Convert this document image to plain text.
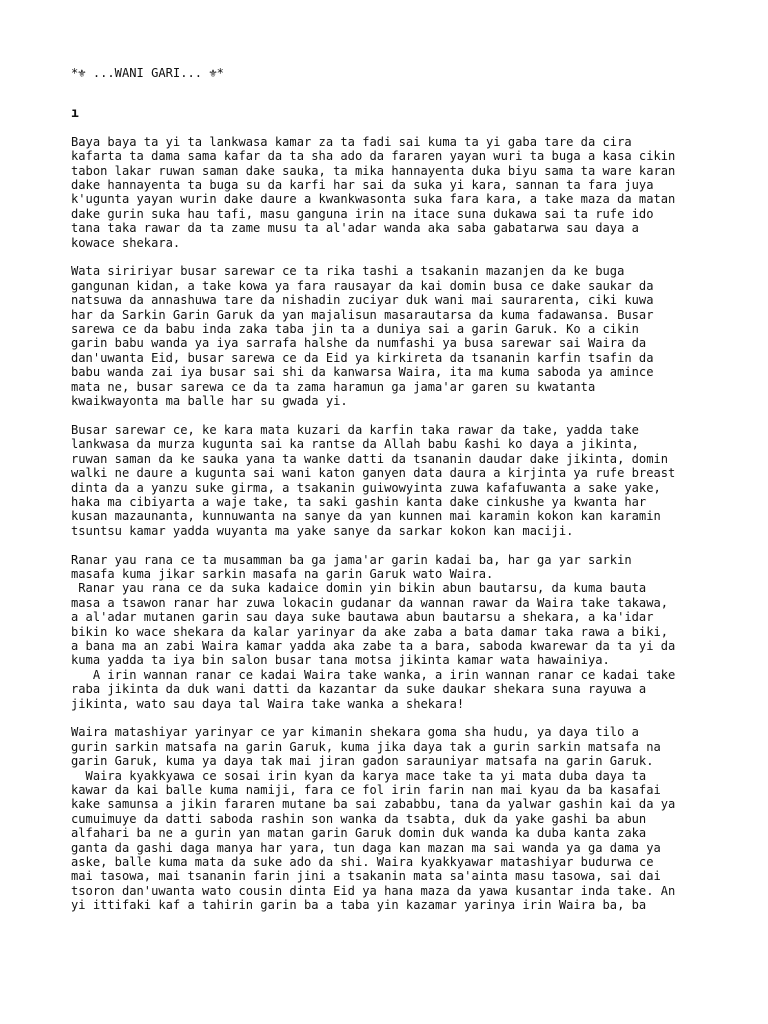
*⚜ ...WANI GARI... ⚜*
ı
Baya baya ta yi ta lankwasa kamar za ta fadi sai kuma ta yi gaba tare da cira
kafarta ta dama sama kafar da ta sha ado da fararen yayan wuri ta buga a kasa cikin
tabon lakar ruwan saman dake sauka, ta mika hannayenta duka biyu sama ta ware karan
dake hannayenta ta buga su da karfi har sai da suka yi kara, sannan ta fara juya
k'ugunta yayan wurin dake daure a kwankwasonta suka fara kara, a take maza da matan
dake gurin suka hau tafi, masu ganguna irin na itace suna dukawa sai ta rufe ido
tana taka rawar da ta zame musu ta al'adar wanda aka saba gabatarwa sau daya a
kowace shekara.
Wata siririyar busar sarewar ce ta rika tashi a tsakanin mazanjen da ke buga
gangunan kidan, a take kowa ya fara rausayar da kai domin busa ce dake saukar da
natsuwa da annashuwa tare da nishadin zuciyar duk wani mai saurarenta, ciki kuwa
har da Sarkin Garin Garuk da yan majalisun masarautarsa da kuma fadawansa. Busar
sarewa ce da babu inda zaka taba jin ta a duniya sai a garin Garuk. Ko a cikin
garin babu wanda ya iya sarrafa halshe da numfashi ya busa sarewar sai Waira da
dan'uwanta Eid, busar sarewa ce da Eid ya kirkireta da tsananin karfin tsafin da
babu wanda zai iya busar sai shi da kanwarsa Waira, ita ma kuma saboda ya amince
mata ne, busar sarewa ce da ta zama haramun ga jama'ar garen su kwatanta
kwaikwayonta ma balle har su gwada yi.
Busar sarewar ce, ke kara mata kuzari da karfin taka rawar da take, yadda take
lankwasa da murza kugunta sai ka rantse da Allah babu ƙashi ko daya a jikinta,
ruwan saman da ke sauka yana ta wanke datti da tsananin daudar dake jikinta, domin
walki ne daure a kugunta sai wani katon ganyen data daura a kirjinta ya rufe breast
dinta da a yanzu suke girma, a tsakanin guiwowyinta zuwa kafafuwanta a sake yake,
haka ma cibiyarta a waje take, ta saki gashin kanta dake cinkushe ya kwanta har
kusan mazaunanta, kunnuwanta na sanye da yan kunnen mai karamin kokon kan karamin
tsuntsu kamar yadda wuyanta ma yake sanye da sarkar kokon kan maciji.
Ranar yau rana ce ta musamman ba ga jama'ar garin kadai ba, har ga yar sarkin
masafa kuma jikar sarkin masafa na garin Garuk wato Waira.
Ranar yau rana ce da suka kadaice domin yin bikin abun bautarsu, da kuma bauta
masa a tsawon ranar har zuwa lokacin gudanar da wannan rawar da Waira take takawa,
a al'adar mutanen garin sau daya suke bautawa abun bautarsu a shekara, a ka'idar
bikin ko wace shekara da kalar yarinyar da ake zaba a bata damar taka rawa a biki,
a bana ma an zabi Waira kamar yadda aka zabe ta a bara, saboda kwarewar da ta yi da
kuma yadda ta iya bin salon busar tana motsa jikinta kamar wata hawainiya.
A irin wannan ranar ce kadai Waira take wanka, a irin wannan ranar ce kadai take
raba jikinta da duk wani datti da kazantar da suke daukar shekara suna rayuwa a
jikinta, wato sau daya tal Waira take wanka a shekara!
Waira matashiyar yarinyar ce yar kimanin shekara goma sha hudu, ya daya tilo a
gurin sarkin matsafa na garin Garuk, kuma jika daya tak a gurin sarkin matsafa na
garin Garuk, kuma ya daya tak mai jiran gadon sarauniyar matsafa na garin Garuk.
Waira kyakkyawa ce sosai irin kyan da karya mace take ta yi mata duba daya ta
kawar da kai balle kuma namiji, fara ce fol irin farin nan mai kyau da ba kasafai
kake samunsa a jikin fararen mutane ba sai zababbu, tana da yalwar gashin kai da ya
cumuimuye da datti saboda rashin son wanka da tsabta, duk da yake gashi ba abun
alfahari ba ne a gurin yan matan garin Garuk domin duk wanda ka duba kanta zaka
ganta da gashi daga manya har yara, tun daga kan mazan ma sai wanda ya ga dama ya
aske, balle kuma mata da suke ado da shi. Waira kyakkyawar matashiyar budurwa ce
mai tasowa, mai tsananin farin jini a tsakanin mata sa'ainta masu tasowa, sai dai
tsoron dan'uwanta wato cousin dinta Eid ya hana maza da yawa kusantar inda take. An
yi ittifaki kaf a tahirin garin ba a taba yin kazamar yarinya irin Waira ba, ba
